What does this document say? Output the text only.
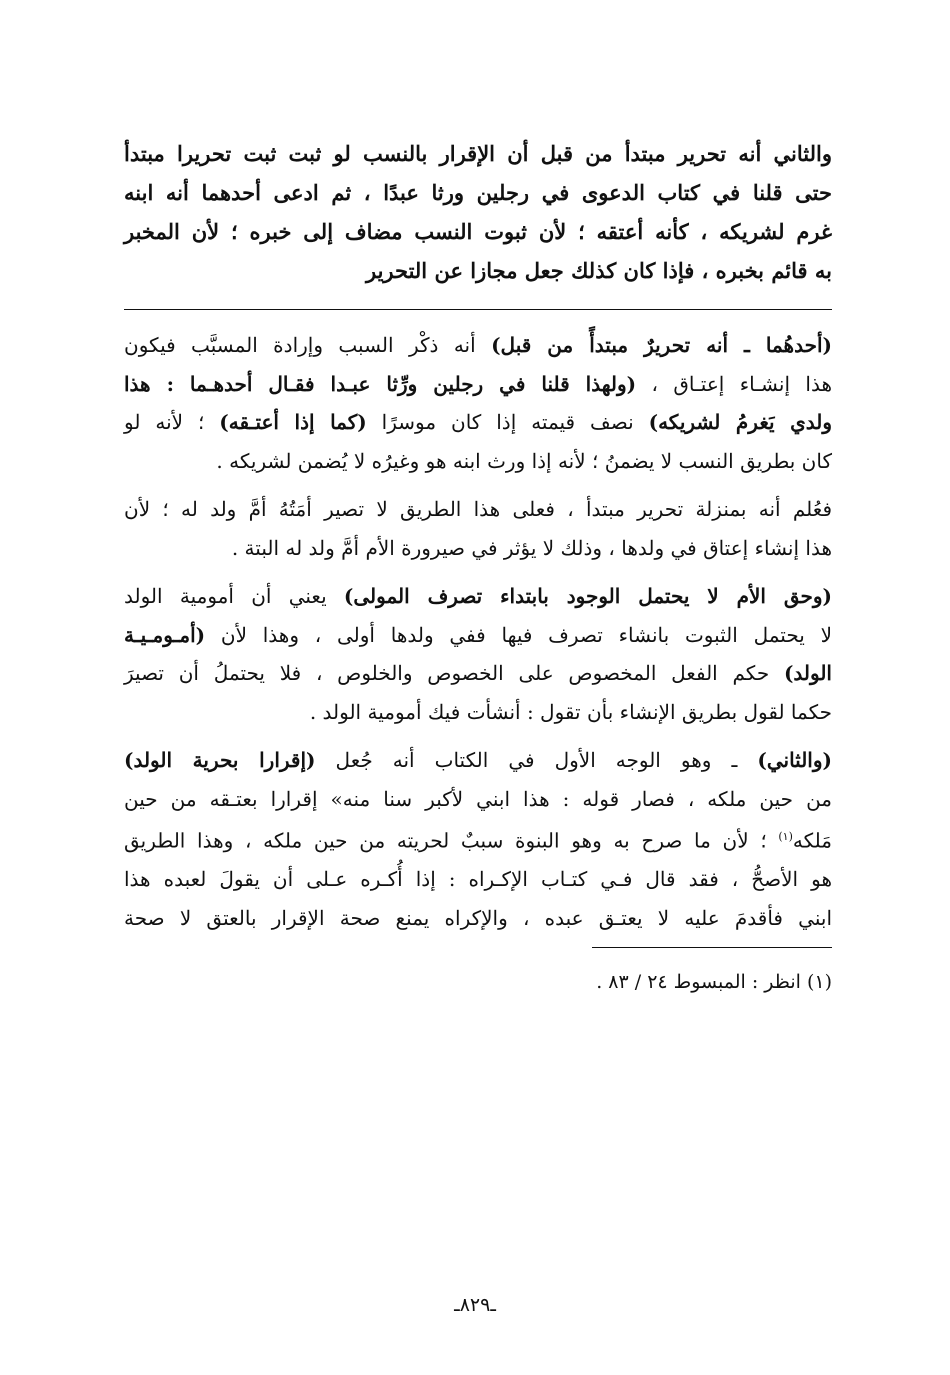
والثاني أنه تحرير مبتدأ من قبل أن الإقرار بالنسب لو ثبت ثبت تحريرا مبتدأ
حتى قلنا في كتاب الدعوى في رجلين ورثا عبدًا ، ثم ادعى أحدهما أنه ابنه
غرم لشريكه ، كأنه أعتقه ؛ لأن ثبوت النسب مضاف إلى خبره ؛ لأن المخبر
به قائم بخبره ، فإذا كان كذلك جعل مجازا عن التحرير
(أحدهُما ـ أنه تحريرٌ مبتدأً من قبل) أنه ذكْر السبب وإرادة المسبَّب فيكون
هذا إنشـاء إعتـاق ، (ولهذا قلنا في رجلين ورِّثا عبـدا فقـال أحدهـما : هذا
ولدي يَغرمُ لشريكه) نصف قيمته إذا كان موسرًا (كما إذا أعتـقه) ؛ لأنه لو
كان بطريق النسب لا يضمنُ ؛ لأنه إذا ورث ابنه هو وغيرُه لا يُضمن لشريكه .
فعُلم أنه بمنزلة تحرير مبتدأ ، فعلى هذا الطريق لا تصير أمَتُهُ أمَّ ولد له ؛ لأن
هذا إنشاء إعتاق في ولدها ، وذلك لا يؤثر في صيرورة الأم أمَّ ولد له البتة .
(وحق الأم لا يحتمل الوجود بابتداء تصرف المولى) يعني أن أمومية الولد
لا يحتمل الثبوت بانشاء تصرف فيها ففي ولدها أولى ، وهذا لأن (أمـومـيـة
الولد) حكم الفعل المخصوص على الخصوص والخلوص ، فلا يحتملُ أن تصيرَ
حكما لقول بطريق الإنشاء بأن تقول : أنشأت فيك أمومية الولد .
(والثاني) ـ وهو الوجه الأول في الكتاب أنه جُعل (إقرارا بحرية الولد)
من حين ملكه ، فصار قوله : هذا ابني لأكبر سنا منه» إقرارا بعتـقه من حين
مَلكه$^{(١)}$ ؛ لأن ما صرح به وهو البنوة سببٌ لحريته من حين ملكه ، وهذا الطريق
هو الأصحُّ ، فقد قال فـي كتـاب الإكـراه : إذا أُكـره عـلى أن يقولَ لعبده هذا
ابني فأقدمَ عليه لا يعتـق عبده ، والإكراه يمنع صحة الإقرار بالعتق لا صحة
(١) انظر : المبسوط ٢٤ / ٨٣ .
ـ٨٢٩ـ
